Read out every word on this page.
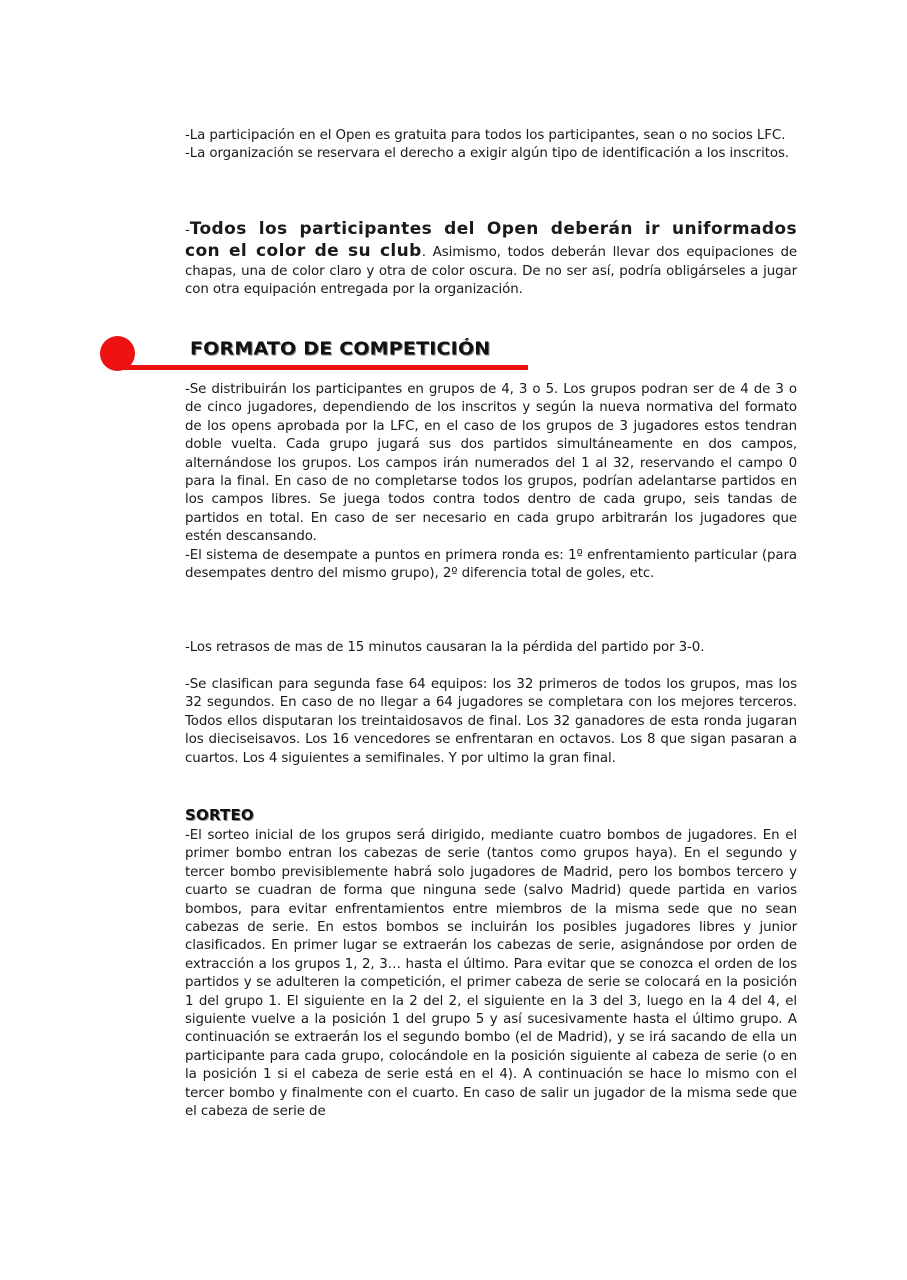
-La participación en el Open es gratuita para todos los participantes, sean o no socios LFC.
-La organización se reservara el derecho a exigir algún tipo de identificación a los inscritos.

-Todos los participantes del Open deberán ir uniformados con el color de su club. Asimismo, todos deberán llevar dos equipaciones de chapas, una de color claro y otra de color oscura. De no ser así, podría obligárseles a jugar con otra equipación entregada por la organización.

FORMATO DE COMPETICIÓN

-Se distribuirán los participantes en grupos de 4, 3 o 5. Los grupos podran ser de 4 de 3 o de cinco jugadores, dependiendo de los inscritos y según la nueva normativa del formato de los opens aprobada por la LFC, en el caso de los grupos de 3 jugadores estos tendran doble vuelta. Cada grupo jugará sus dos partidos simultáneamente en dos campos, alternándose los grupos. Los campos irán numerados del 1 al 32, reservando el campo 0 para la final. En caso de no completarse todos los grupos, podrían adelantarse partidos en los campos libres. Se juega todos contra todos dentro de cada grupo, seis tandas de partidos en total. En caso de ser necesario en cada grupo arbitrarán los jugadores que estén descansando.
-El sistema de desempate a puntos en primera ronda es: 1º enfrentamiento particular (para desempates dentro del mismo grupo), 2º diferencia total de goles, etc.

-Los retrasos de mas de 15 minutos causaran la la pérdida del partido por 3-0.

-Se clasifican para segunda fase 64 equipos: los 32 primeros de todos los grupos, mas los 32 segundos. En caso de no llegar a 64 jugadores se completara con los mejores terceros. Todos ellos disputaran los treintaidosavos de final. Los 32 ganadores de esta ronda jugaran los dieciseisavos. Los 16 vencedores se enfrentaran en octavos. Los 8 que sigan pasaran a cuartos. Los 4 siguientes a semifinales. Y por ultimo la gran final.

SORTEO

-El sorteo inicial de los grupos será dirigido, mediante cuatro bombos de jugadores. En el primer bombo entran los cabezas de serie (tantos como grupos haya). En el segundo y tercer bombo previsiblemente habrá solo jugadores de Madrid, pero los bombos tercero y cuarto se cuadran de forma que ninguna sede (salvo Madrid) quede partida en varios bombos, para evitar enfrentamientos entre miembros de la misma sede que no sean cabezas de serie. En estos bombos se incluirán los posibles jugadores libres y junior clasificados. En primer lugar se extraerán los cabezas de serie, asignándose por orden de extracción a los grupos 1, 2, 3… hasta el último. Para evitar que se conozca el orden de los partidos y se adulteren la competición, el primer cabeza de serie se colocará en la posición 1 del grupo 1. El siguiente en la 2 del 2, el siguiente en la 3 del 3, luego en la 4 del 4, el siguiente vuelve a la posición 1 del grupo 5 y así sucesivamente hasta el último grupo. A continuación se extraerán los el segundo bombo (el de Madrid), y se irá sacando de ella un participante para cada grupo, colocándole en la posición siguiente al cabeza de serie (o en la posición 1 si el cabeza de serie está en el 4). A continuación se hace lo mismo con el tercer bombo y finalmente con el cuarto. En caso de salir un jugador de la misma sede que el cabeza de serie de
